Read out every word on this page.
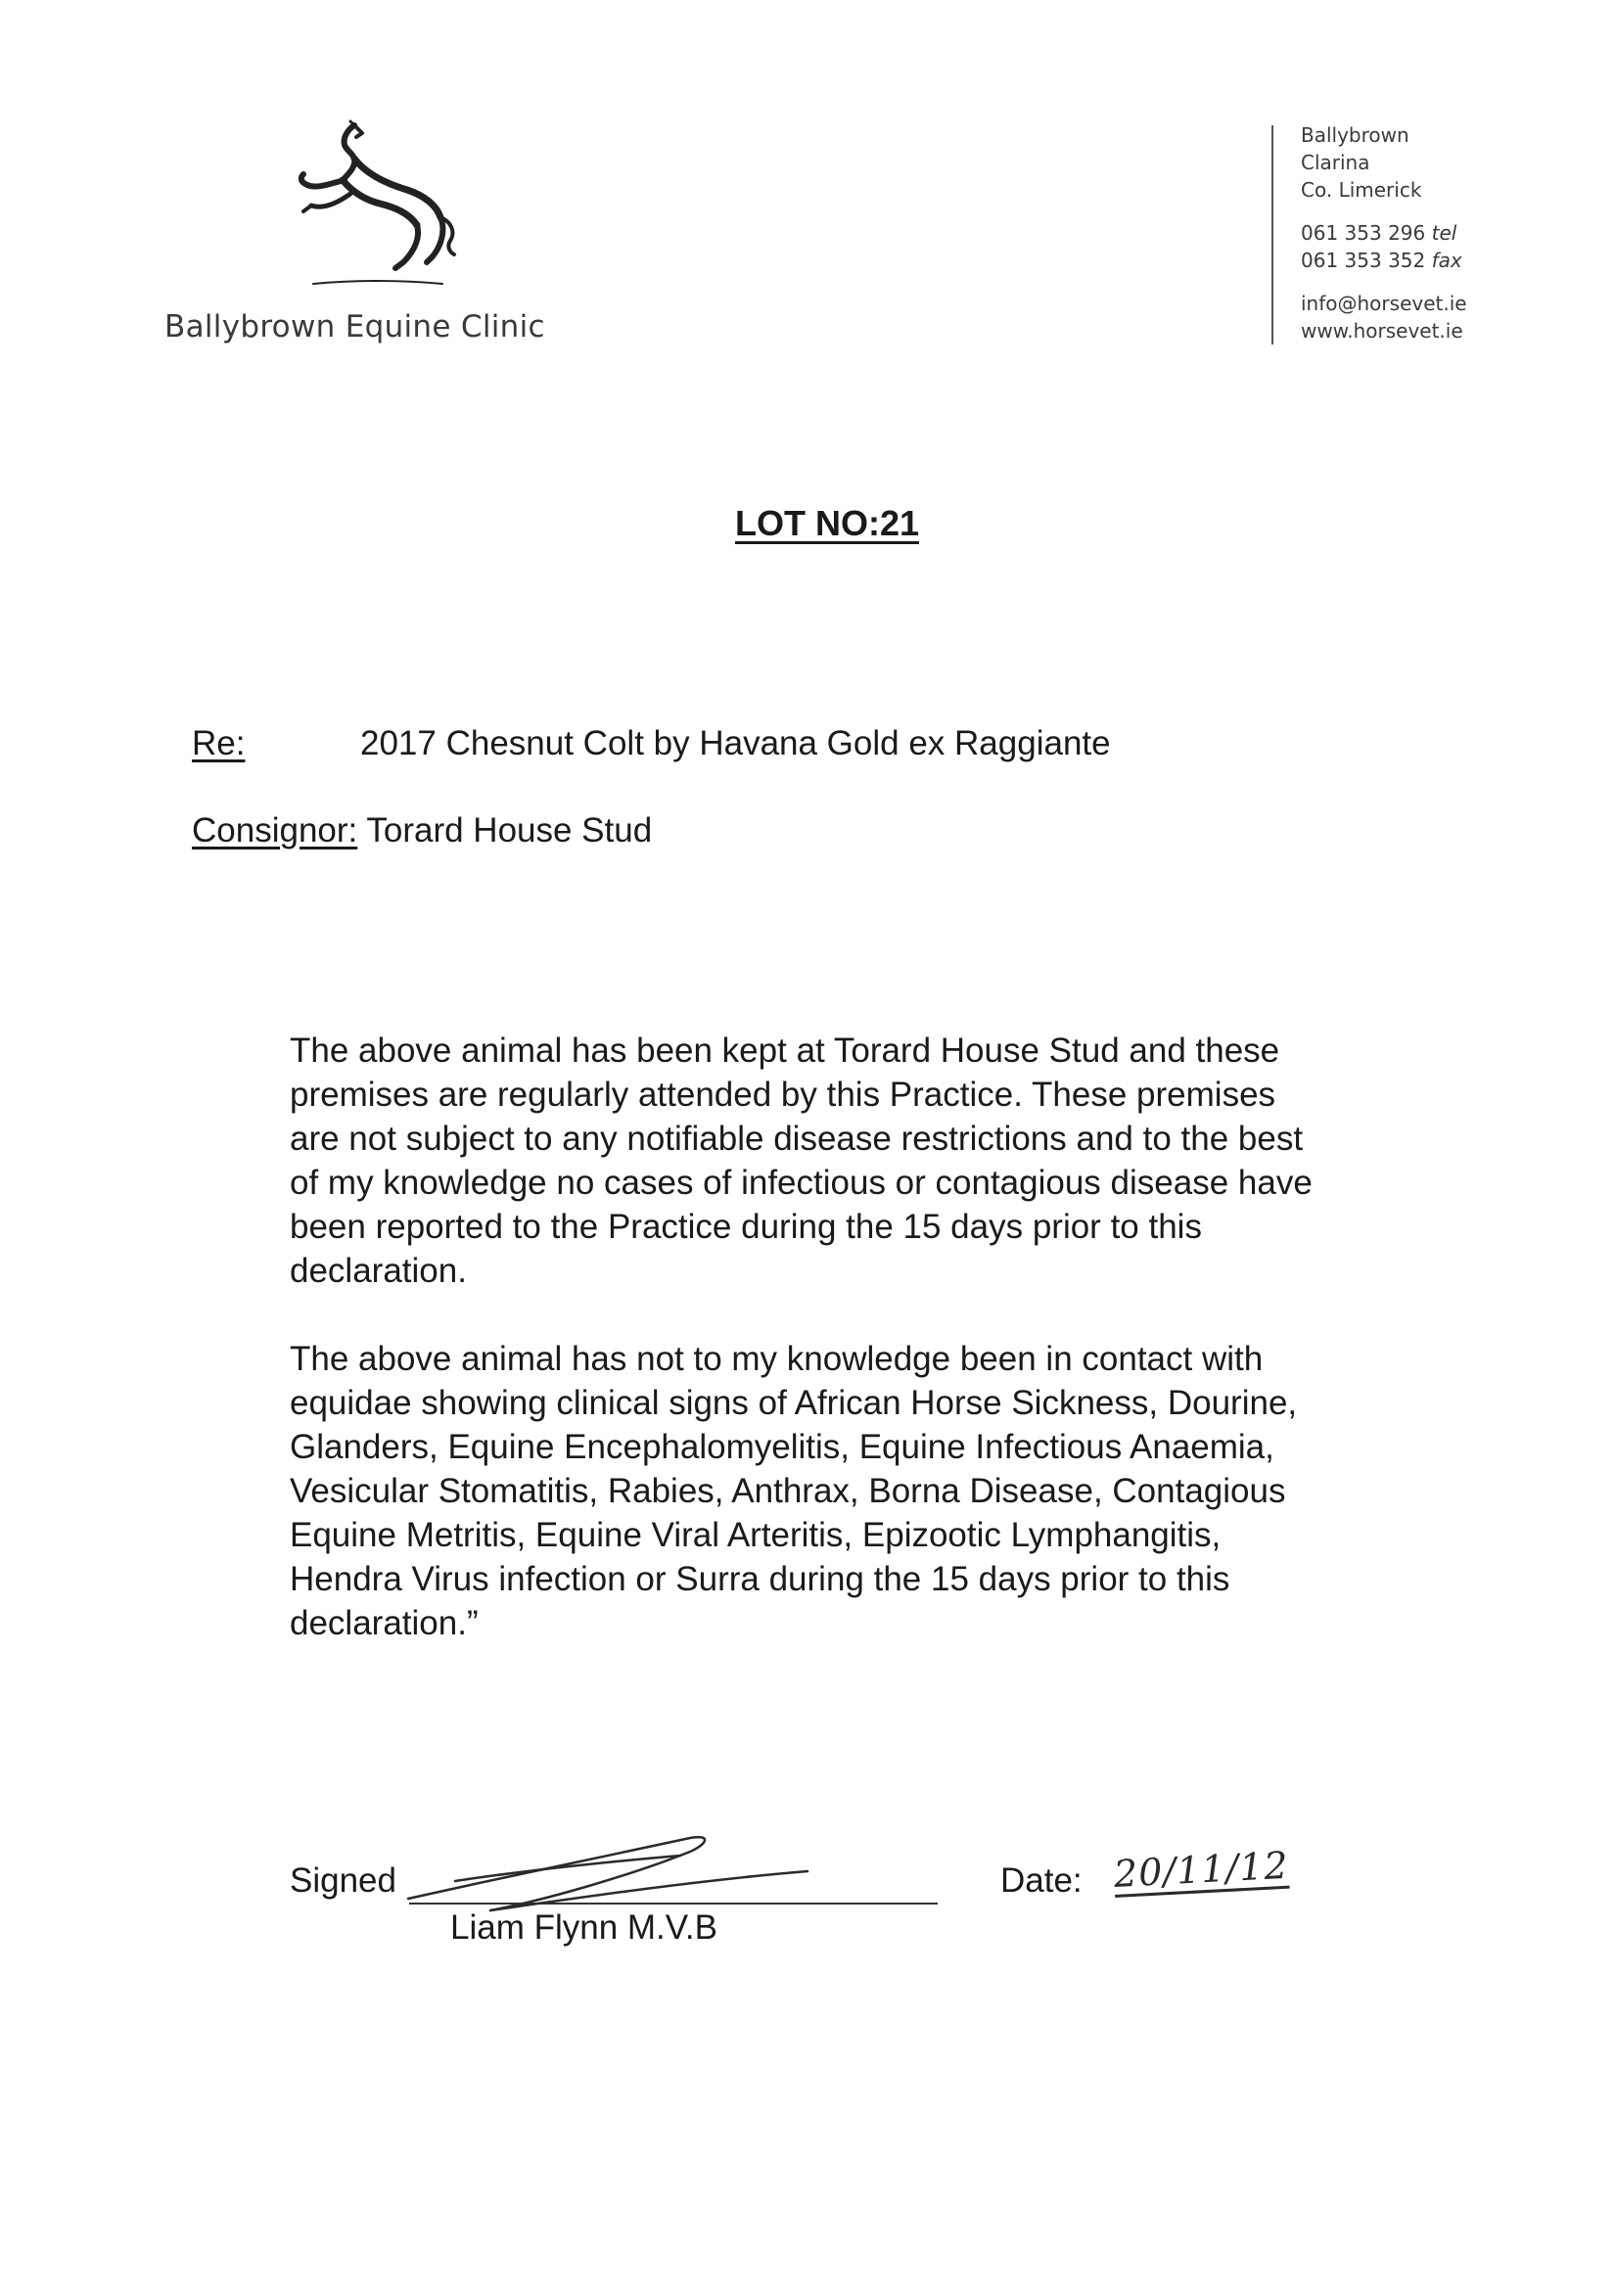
Ballybrown Equine Clinic
Ballybrown
Clarina
Co. Limerick
061 353 296 tel
061 353 352 fax
info@horsevet.ie
www.horsevet.ie
LOT NO:21
Re:	2017 Chesnut Colt by Havana Gold ex Raggiante
Consignor: Torard House Stud

The above animal has been kept at Torard House Stud and these premises are regularly attended by this Practice. These premises are not subject to any notifiable disease restrictions and to the best of my knowledge no cases of infectious or contagious disease have been reported to the Practice during the 15 days prior to this declaration.

The above animal has not to my knowledge been in contact with equidae showing clinical signs of African Horse Sickness, Dourine, Glanders, Equine Encephalomyelitis, Equine Infectious Anaemia, Vesicular Stomatitis, Rabies, Anthrax, Borna Disease, Contagious Equine Metritis, Equine Viral Arteritis, Epizootic Lymphangitis, Hendra Virus infection or Surra during the 15 days prior to this declaration.”

Signed
Liam Flynn M.V.B
Date: 20/11/12
